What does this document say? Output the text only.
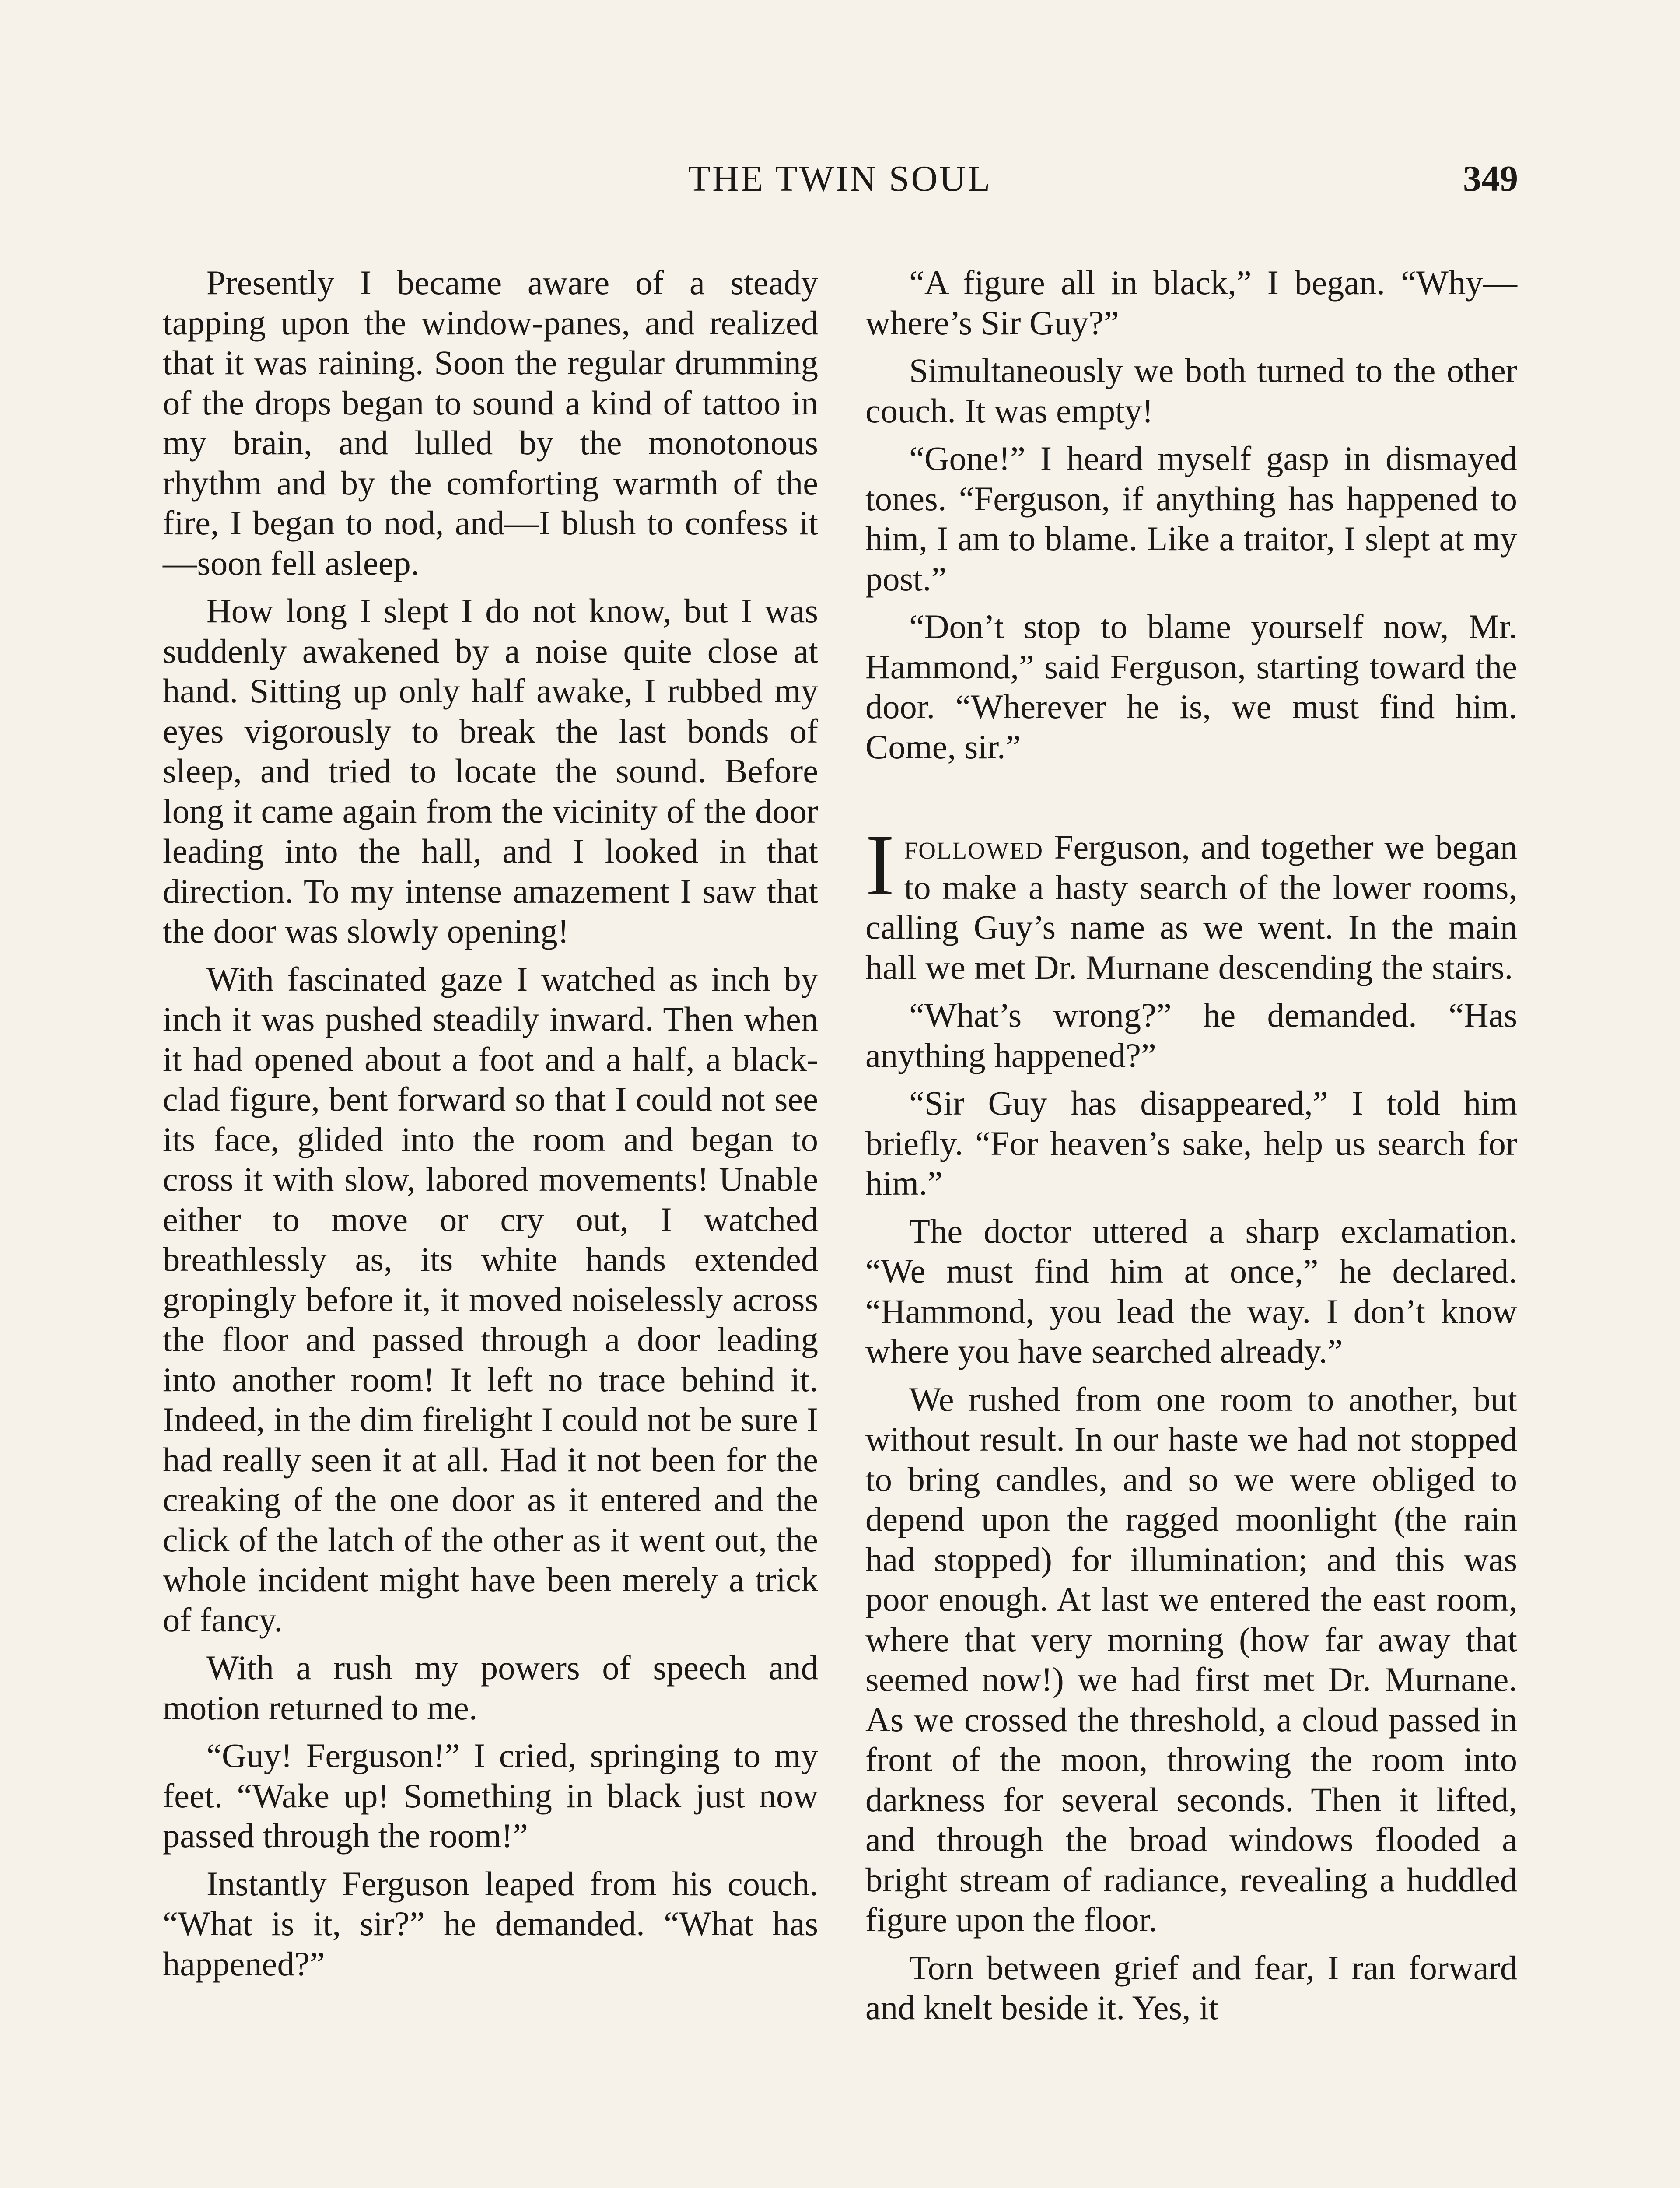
THE TWIN SOUL	349

Presently I became aware of a steady tapping upon the window-panes, and realized that it was raining. Soon the regular drumming of the drops began to sound a kind of tattoo in my brain, and lulled by the monotonous rhythm and by the comforting warmth of the fire, I began to nod, and—I blush to confess it—soon fell asleep.

How long I slept I do not know, but I was suddenly awakened by a noise quite close at hand. Sitting up only half awake, I rubbed my eyes vigorously to break the last bonds of sleep, and tried to locate the sound. Before long it came again from the vicinity of the door leading into the hall, and I looked in that direction. To my intense amazement I saw that the door was slowly opening!

With fascinated gaze I watched as inch by inch it was pushed steadily inward. Then when it had opened about a foot and a half, a black-clad figure, bent forward so that I could not see its face, glided into the room and began to cross it with slow, labored movements! Unable either to move or cry out, I watched breathlessly as, its white hands extended gropingly before it, it moved noiselessly across the floor and passed through a door leading into another room! It left no trace behind it. Indeed, in the dim firelight I could not be sure I had really seen it at all. Had it not been for the creaking of the one door as it entered and the click of the latch of the other as it went out, the whole incident might have been merely a trick of fancy.

With a rush my powers of speech and motion returned to me.

“Guy! Ferguson!” I cried, springing to my feet. “Wake up! Something in black just now passed through the room!”

Instantly Ferguson leaped from his couch. “What is it, sir?” he demanded. “What has happened?”

“A figure all in black,” I began. “Why—where’s Sir Guy?”

Simultaneously we both turned to the other couch. It was empty!

“Gone!” I heard myself gasp in dismayed tones. “Ferguson, if anything has happened to him, I am to blame. Like a traitor, I slept at my post.”

“Don’t stop to blame yourself now, Mr. Hammond,” said Ferguson, starting toward the door. “Wherever he is, we must find him. Come, sir.”

Ifollowed Ferguson, and together we began to make a hasty search of the lower rooms, calling Guy’s name as we went. In the main hall we met Dr. Murnane descending the stairs.

“What’s wrong?” he demanded. “Has anything happened?”

“Sir Guy has disappeared,” I told him briefly. “For heaven’s sake, help us search for him.”

The doctor uttered a sharp exclamation. “We must find him at once,” he declared. “Hammond, you lead the way. I don’t know where you have searched already.”

We rushed from one room to another, but without result. In our haste we had not stopped to bring candles, and so we were obliged to depend upon the ragged moonlight (the rain had stopped) for illumination; and this was poor enough. At last we entered the east room, where that very morning (how far away that seemed now!) we had first met Dr. Murnane. As we crossed the threshold, a cloud passed in front of the moon, throwing the room into darkness for several seconds. Then it lifted, and through the broad windows flooded a bright stream of radiance, revealing a huddled figure upon the floor.

Torn between grief and fear, I ran forward and knelt beside it. Yes, it
